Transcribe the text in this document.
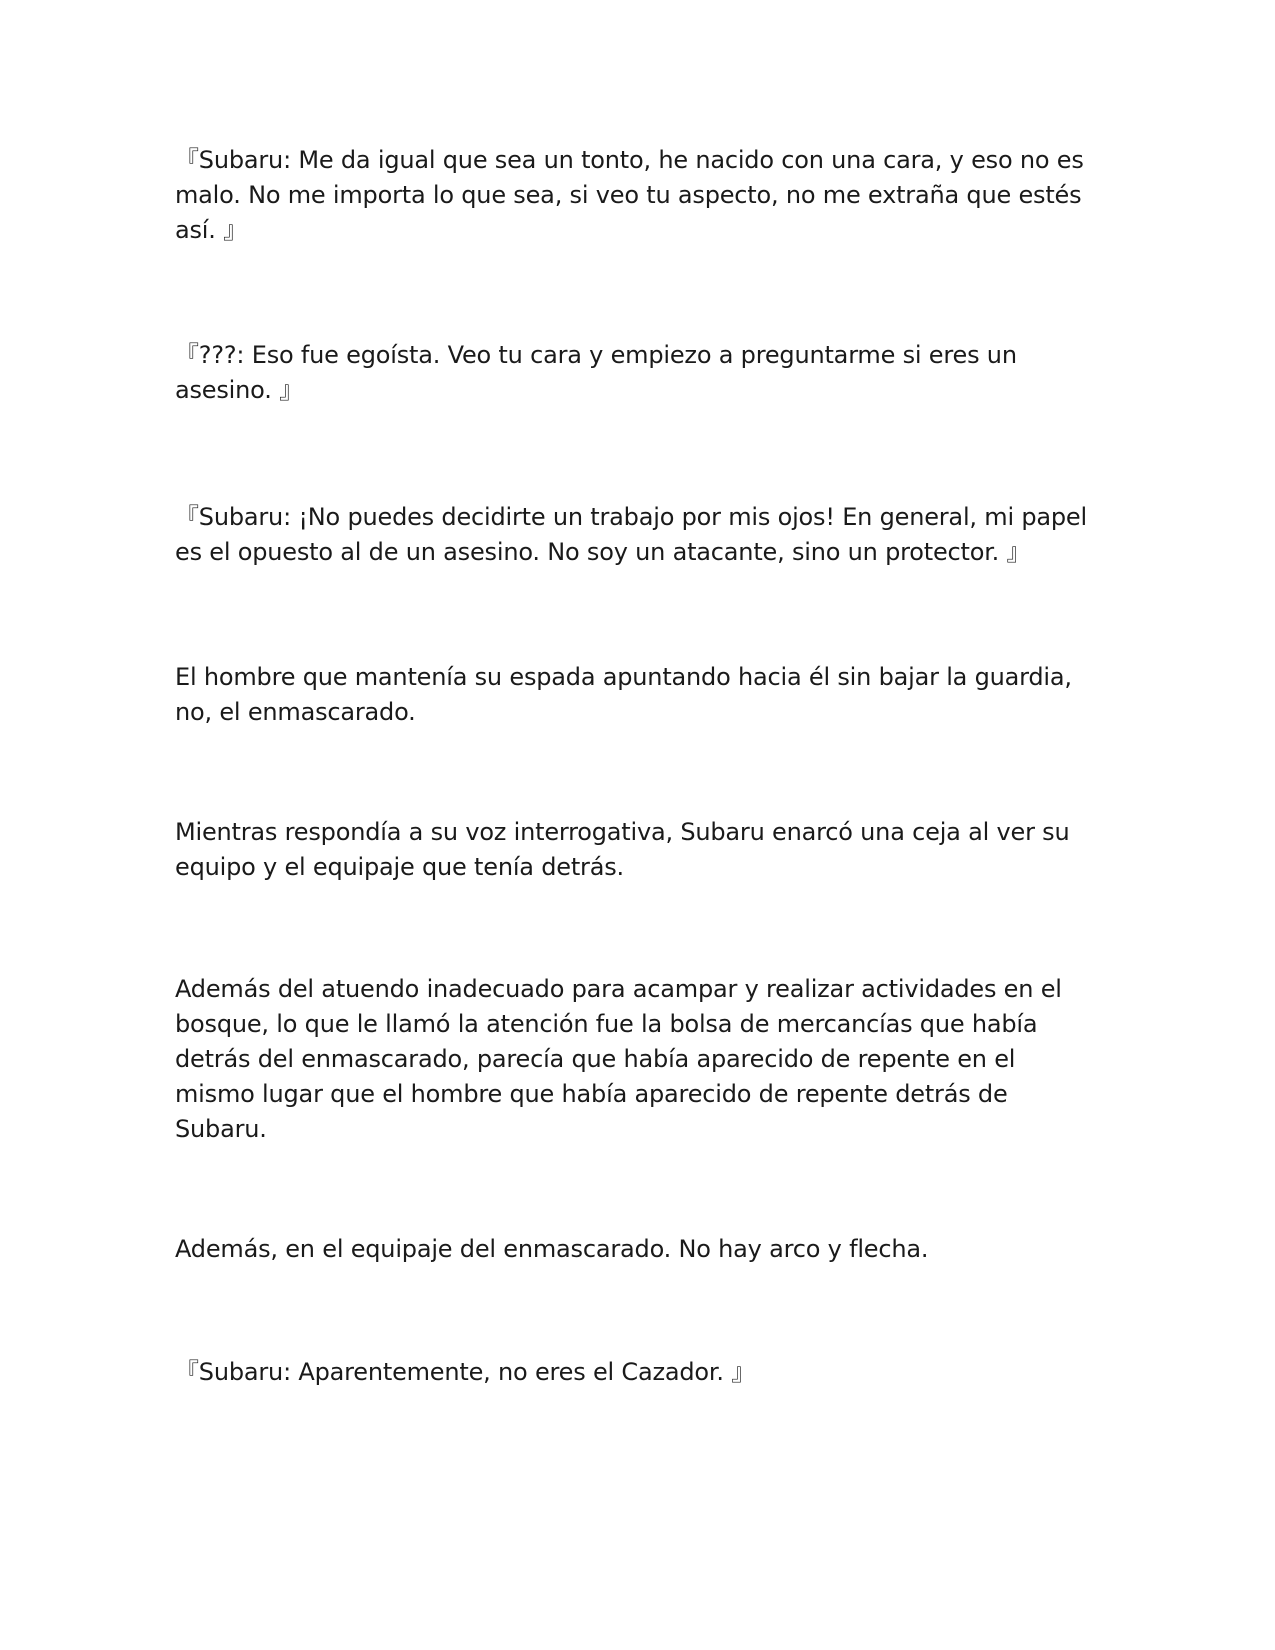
『Subaru: Me da igual que sea un tonto, he nacido con una cara, y eso no es malo. No me importa lo que sea, si veo tu aspecto, no me extraña que estés así. 』

『???: Eso fue egoísta. Veo tu cara y empiezo a preguntarme si eres un asesino. 』

『Subaru: ¡No puedes decidirte un trabajo por mis ojos! En general, mi papel es el opuesto al de un asesino. No soy un atacante, sino un protector. 』

El hombre que mantenía su espada apuntando hacia él sin bajar la guardia, no, el enmascarado.

Mientras respondía a su voz interrogativa, Subaru enarcó una ceja al ver su equipo y el equipaje que tenía detrás.

Además del atuendo inadecuado para acampar y realizar actividades en el bosque, lo que le llamó la atención fue la bolsa de mercancías que había detrás del enmascarado, parecía que había aparecido de repente en el mismo lugar que el hombre que había aparecido de repente detrás de Subaru.

Además, en el equipaje del enmascarado. No hay arco y flecha.

『Subaru: Aparentemente, no eres el Cazador. 』
